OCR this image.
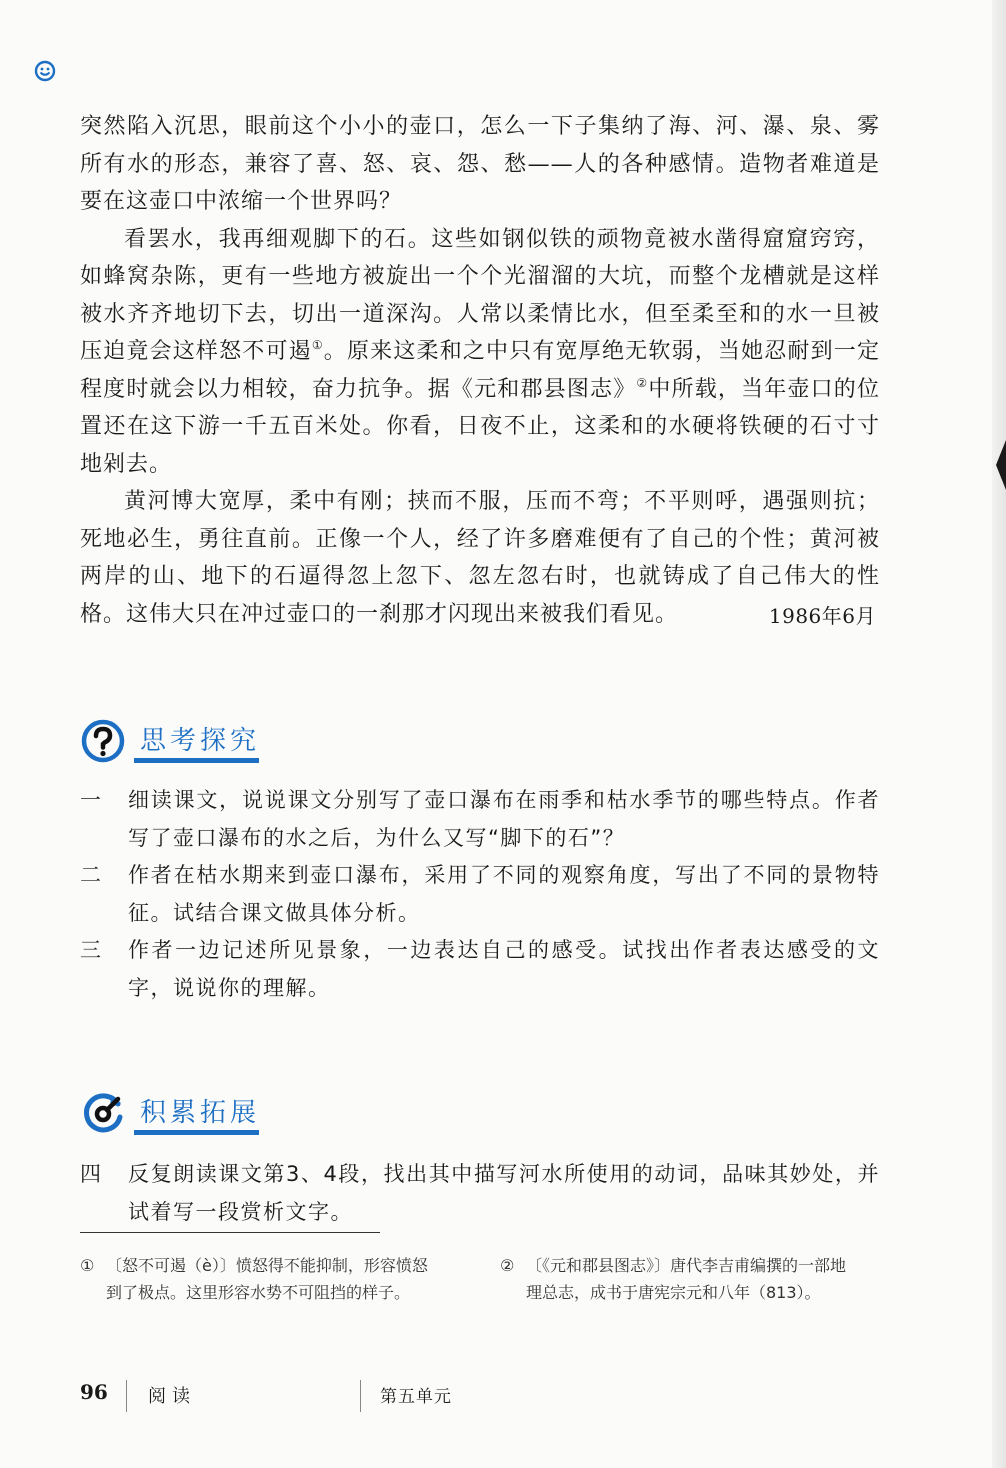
突然陷入沉思，眼前这个小小的壶口，怎么一下子集纳了海、河、瀑、泉、雾所有水的形态，兼容了喜、怒、哀、怨、愁——人的各种感情。造物者难道是要在这壶口中浓缩一个世界吗？

看罢水，我再细观脚下的石。这些如钢似铁的顽物竟被水凿得窟窟窍窍，如蜂窝杂陈，更有一些地方被旋出一个个光溜溜的大坑，而整个龙槽就是这样被水齐齐地切下去，切出一道深沟。人常以柔情比水，但至柔至和的水一旦被压迫竟会这样怒不可遏①。原来这柔和之中只有宽厚绝无软弱，当她忍耐到一定程度时就会以力相较，奋力抗争。据《元和郡县图志》②中所载，当年壶口的位置还在这下游一千五百米处。你看，日夜不止，这柔和的水硬将铁硬的石寸寸地剁去。

黄河博大宽厚，柔中有刚；挟而不服，压而不弯；不平则呼，遇强则抗；死地必生，勇往直前。正像一个人，经了许多磨难便有了自己的个性；黄河被两岸的山、地下的石逼得忽上忽下、忽左忽右时，也就铸成了自己伟大的性格。这伟大只在冲过壶口的一刹那才闪现出来被我们看见。	1986年6月
思考探究
一 细读课文，说说课文分别写了壶口瀑布在雨季和枯水季节的哪些特点。作者写了壶口瀑布的水之后，为什么又写“脚下的石”？
二 作者在枯水期来到壶口瀑布，采用了不同的观察角度，写出了不同的景物特征。试结合课文做具体分析。
三 作者一边记述所见景象，一边表达自己的感受。试找出作者表达感受的文字，说说你的理解。
积累拓展
四 反复朗读课文第3、4段，找出其中描写河水所使用的动词，品味其妙处，并试着写一段赏析文字。
① 〔怒不可遏（è）〕愤怒得不能抑制，形容愤怒
到了极点。这里形容水势不可阻挡的样子。
② 〔《元和郡县图志》〕唐代李吉甫编撰的一部地
理总志，成书于唐宪宗元和八年（813）。
96 阅读	第五单元
